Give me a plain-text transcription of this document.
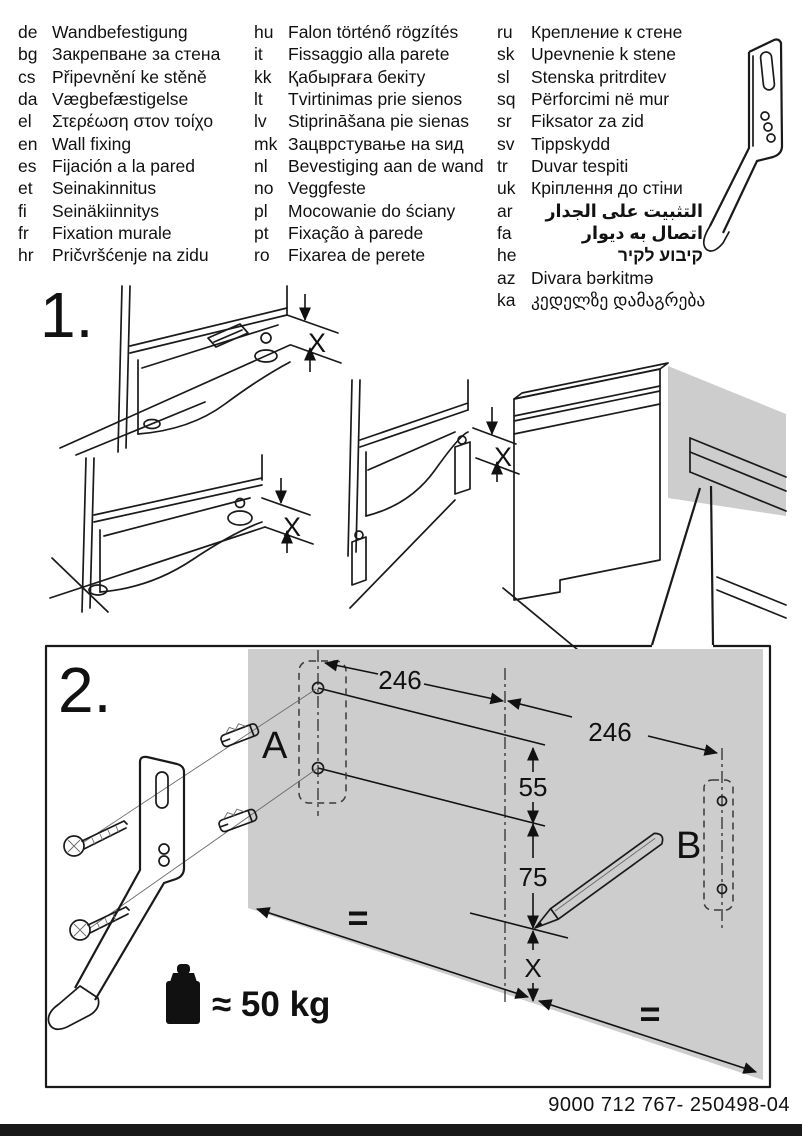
de Wandbefestigung
bg Закрепване за стена
cs Připevnění ke stěně
da Vægbefæstigelse
el	Στερέωση στον τοίχο
en Wall fixing
es Fijación a la pared
et	Seinakinnitus
fi	Seinäkiinnitys
fr	Fixation murale
hr	Pričvršćenje na zidu
hu Falon történő rögzítés
it	Fissaggio alla parete
kk Қабырғаға бекіту
lt	Tvirtinimas prie sienos
lv	Stiprināšana pie sienas
mk Зацврстување на ѕид
nl	Bevestiging aan de wand
no Veggfeste
pl	Mocowanie do ściany
pt	Fixação à parede
ro	Fixarea de perete
ru	Крепление к стене
sk Upevnenie k stene
sl	Stenska pritrditev
sq Përforcimi në mur
sr	Fiksator za zid
sv Tippskydd
tr	Duvar tespiti
uk Кріплення до стіни
ar	التثبيت على الجدار
fa	اتصال به ديوار
he	קיבוע לקיר
az Divara bərkitmə
ka კედელზე დამაგრება
1.	X
X
X
2.
A
B
246
246
55
75
X
=
=
≈ 50 kg
9000 712 767- 250498-04
